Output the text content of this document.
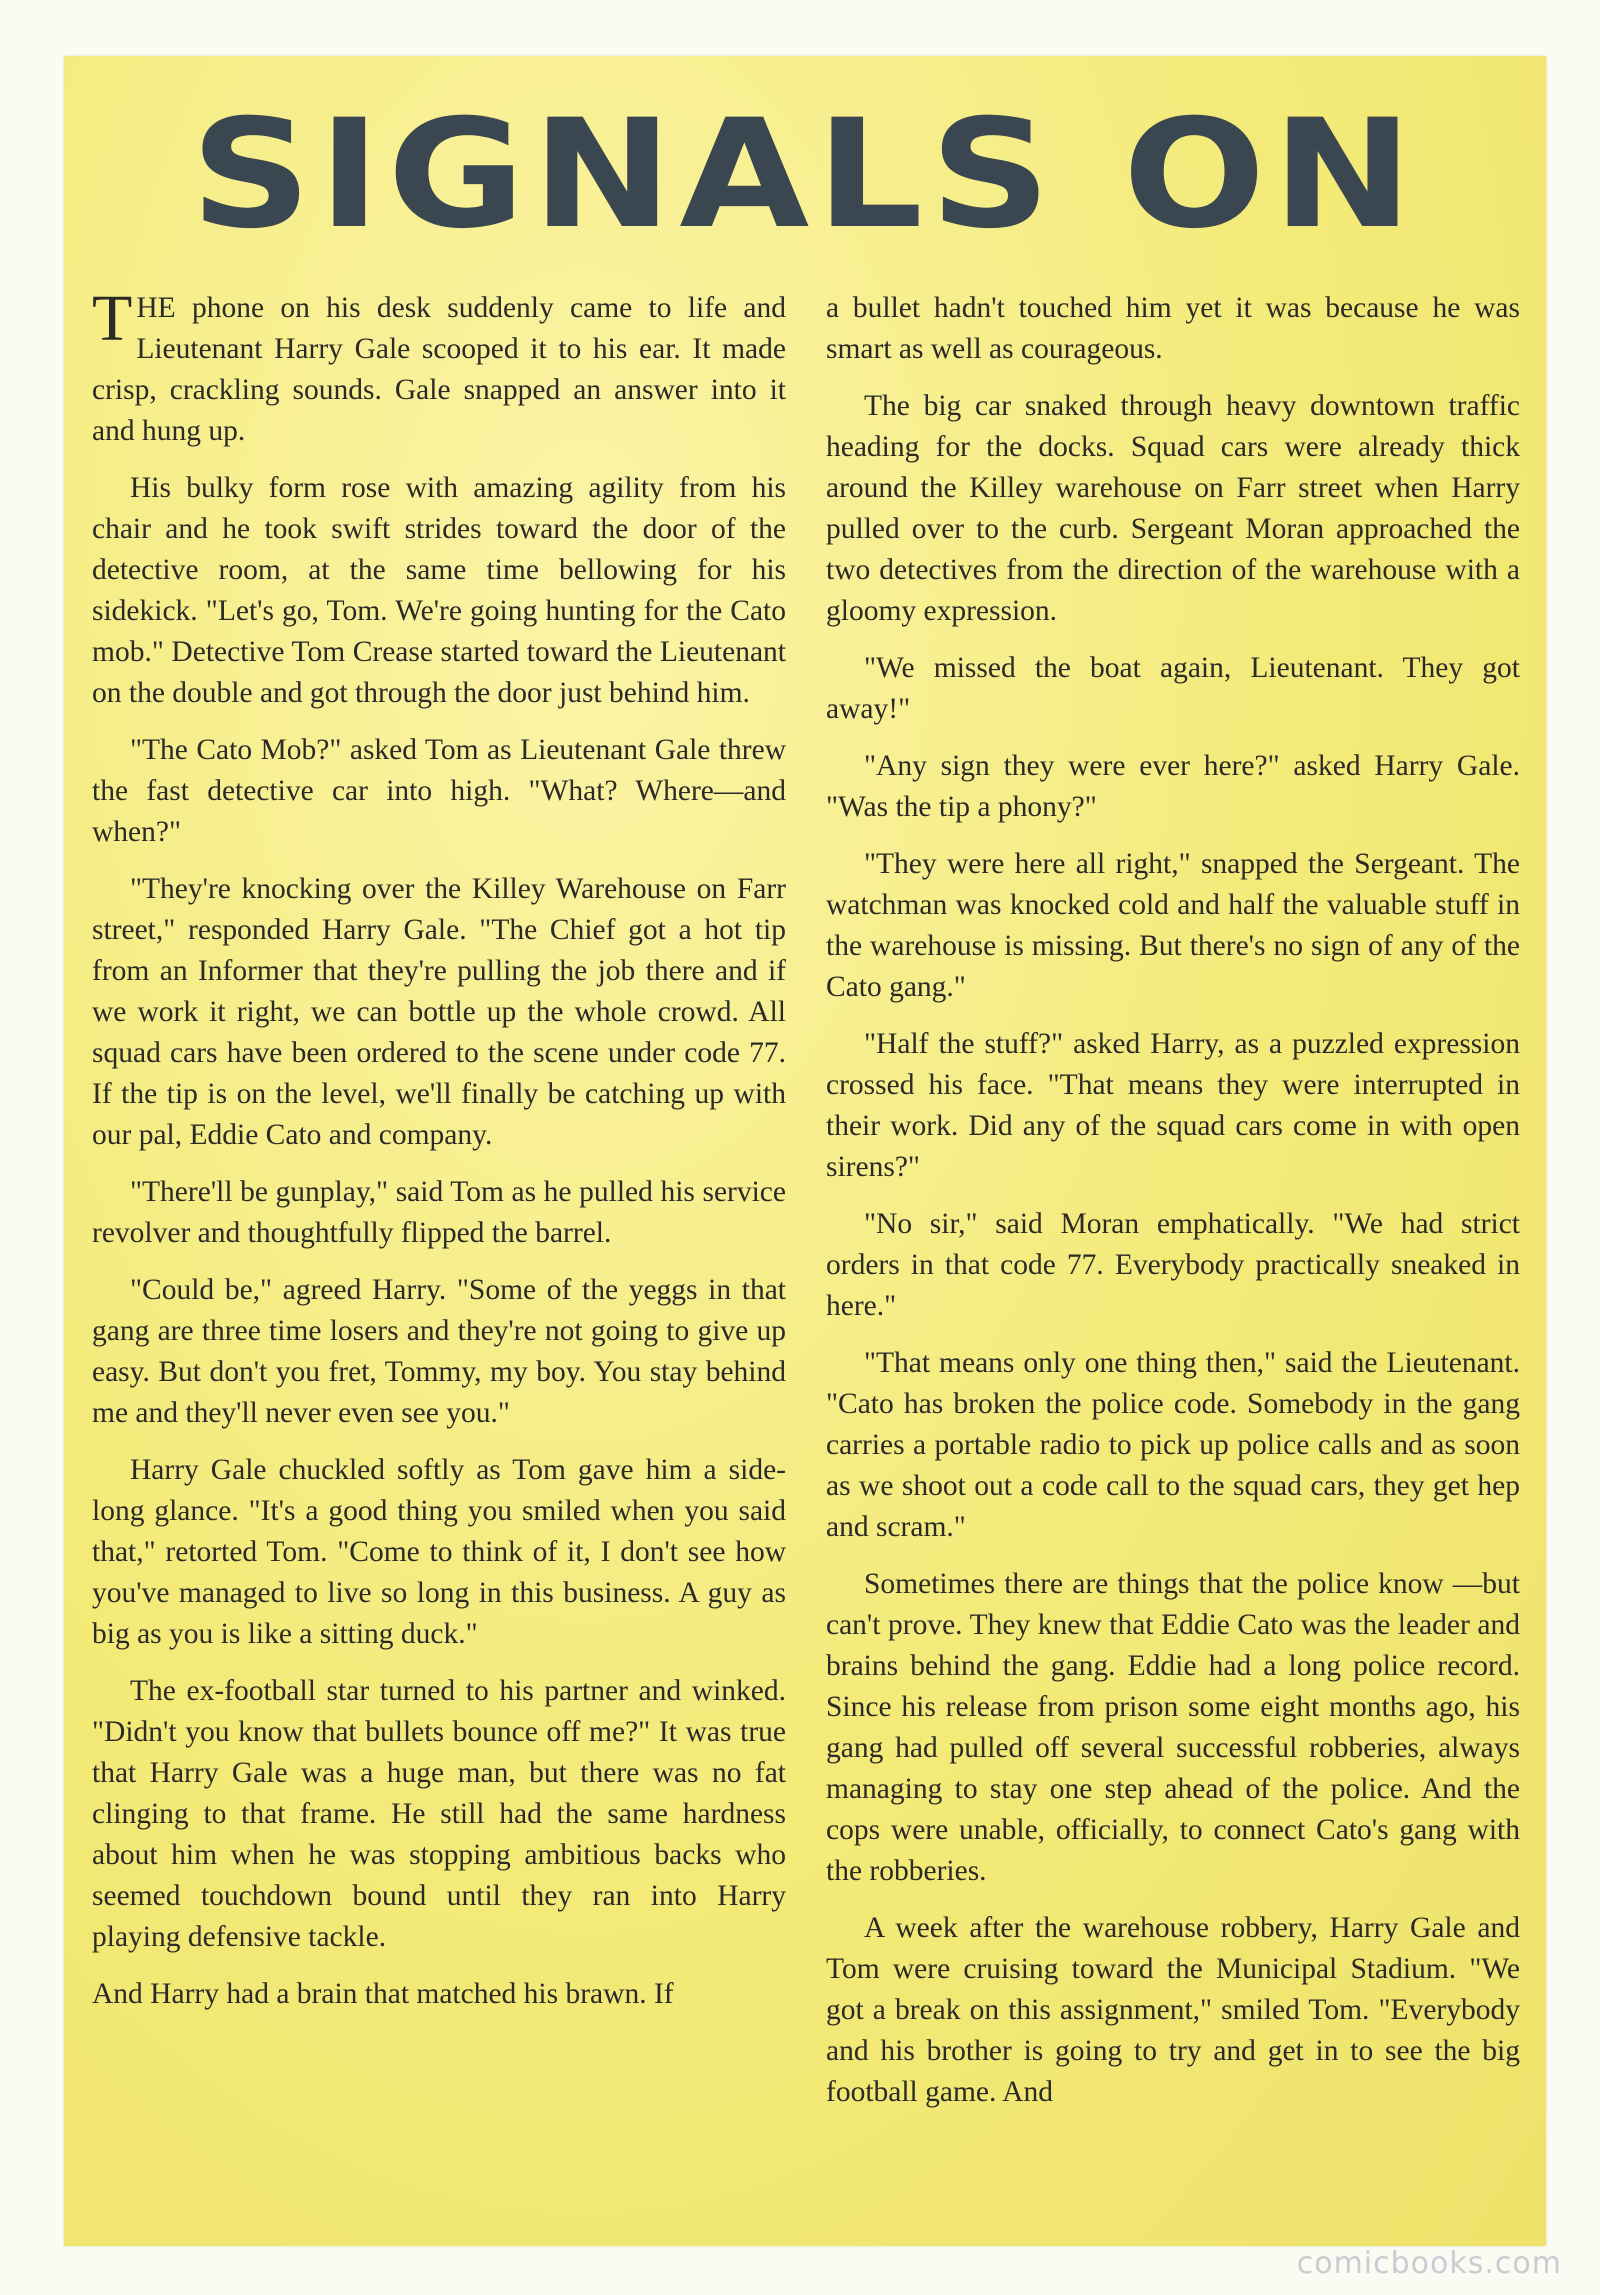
SIGNALS ON

THE phone on his desk suddenly came to life and Lieutenant Harry Gale scooped it to his ear. It made crisp, crackling sounds. Gale snapped an answer into it and hung up.

His bulky form rose with amazing agility from his chair and he took swift strides toward the door of the detective room, at the same time bellowing for his sidekick. "Let's go, Tom. We're going hunting for the Cato mob." Detective Tom Crease started toward the Lieutenant on the double and got through the door just behind him.

"The Cato Mob?" asked Tom as Lieutenant Gale threw the fast detective car into high. "What? Where—and when?"

"They're knocking over the Killey Warehouse on Farr street," responded Harry Gale. "The Chief got a hot tip from an Informer that they're pulling the job there and if we work it right, we can bottle up the whole crowd. All squad cars have been ordered to the scene under code 77. If the tip is on the level, we'll finally be catching up with our pal, Eddie Cato and company.

"There'll be gunplay," said Tom as he pulled his service revolver and thoughtfully flipped the barrel.

"Could be," agreed Harry. "Some of the yeggs in that gang are three time losers and they're not going to give up easy. But don't you fret, Tommy, my boy. You stay behind me and they'll never even see you."

Harry Gale chuckled softly as Tom gave him a side-long glance. "It's a good thing you smiled when you said that," retorted Tom. "Come to think of it, I don't see how you've managed to live so long in this business. A guy as big as you is like a sitting duck."

The ex-football star turned to his partner and winked. "Didn't you know that bullets bounce off me?" It was true that Harry Gale was a huge man, but there was no fat clinging to that frame. He still had the same hardness about him when he was stopping ambitious backs who seemed touchdown bound until they ran into Harry playing defensive tackle.

And Harry had a brain that matched his brawn. If

a bullet hadn't touched him yet it was because he was smart as well as courageous.

The big car snaked through heavy downtown traffic heading for the docks. Squad cars were already thick around the Killey warehouse on Farr street when Harry pulled over to the curb. Sergeant Moran approached the two detectives from the direction of the warehouse with a gloomy expression.

"We missed the boat again, Lieutenant. They got away!"

"Any sign they were ever here?" asked Harry Gale. "Was the tip a phony?"

"They were here all right," snapped the Sergeant. The watchman was knocked cold and half the valuable stuff in the warehouse is missing. But there's no sign of any of the Cato gang."

"Half the stuff?" asked Harry, as a puzzled expression crossed his face. "That means they were interrupted in their work. Did any of the squad cars come in with open sirens?"

"No sir," said Moran emphatically. "We had strict orders in that code 77. Everybody practically sneaked in here."

"That means only one thing then," said the Lieutenant. "Cato has broken the police code. Somebody in the gang carries a portable radio to pick up police calls and as soon as we shoot out a code call to the squad cars, they get hep and scram."

Sometimes there are things that the police know —but can't prove. They knew that Eddie Cato was the leader and brains behind the gang. Eddie had a long police record. Since his release from prison some eight months ago, his gang had pulled off several successful robberies, always managing to stay one step ahead of the police. And the cops were unable, officially, to connect Cato's gang with the robberies.

A week after the warehouse robbery, Harry Gale and Tom were cruising toward the Municipal Stadium. "We got a break on this assignment," smiled Tom. "Everybody and his brother is going to try and get in to see the big football game. And

comicbooks.com
